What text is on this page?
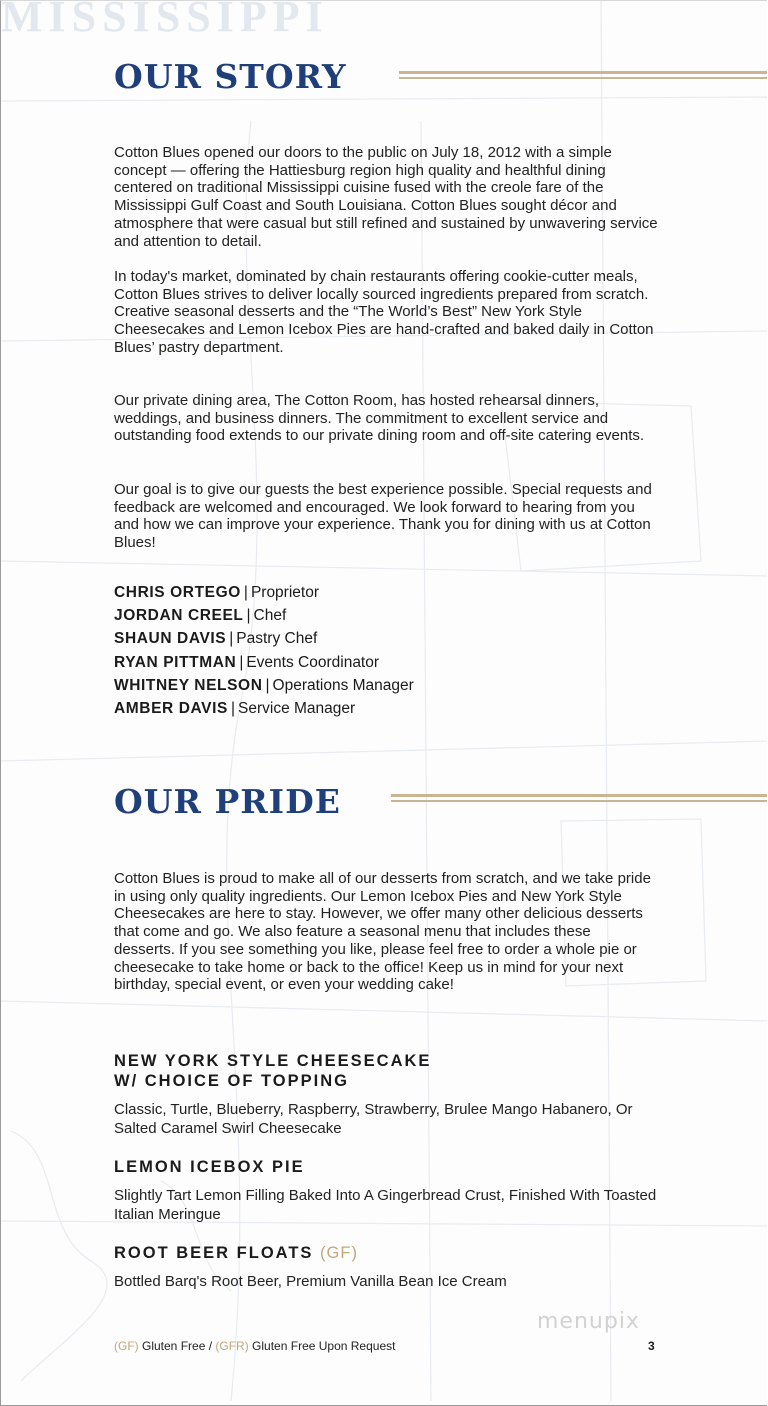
MISSISSIPPI
OUR STORY

Cotton Blues opened our doors to the public on July 18, 2012 with a simple concept — offering the Hattiesburg region high quality and healthful dining centered on traditional Mississippi cuisine fused with the creole fare of the Mississippi Gulf Coast and South Louisiana. Cotton Blues sought décor and atmosphere that were casual but still refined and sustained by unwavering service and attention to detail.

In today's market, dominated by chain restaurants offering cookie-cutter meals, Cotton Blues strives to deliver locally sourced ingredients prepared from scratch. Creative seasonal desserts and the “The World’s Best” New York Style Cheesecakes and Lemon Icebox Pies are hand-crafted and baked daily in Cotton Blues’ pastry department.

Our private dining area, The Cotton Room, has hosted rehearsal dinners, weddings, and business dinners. The commitment to excellent service and outstanding food extends to our private dining room and off-site catering events.

Our goal is to give our guests the best experience possible. Special requests and feedback are welcomed and encouraged. We look forward to hearing from you and how we can improve your experience. Thank you for dining with us at Cotton Blues!

CHRIS ORTEGO | Proprietor
JORDAN CREEL | Chef
SHAUN DAVIS | Pastry Chef
RYAN PITTMAN | Events Coordinator
WHITNEY NELSON | Operations Manager
AMBER DAVIS | Service Manager
OUR PRIDE

Cotton Blues is proud to make all of our desserts from scratch, and we take pride in using only quality ingredients. Our Lemon Icebox Pies and New York Style Cheesecakes are here to stay. However, we offer many other delicious desserts that come and go. We also feature a seasonal menu that includes these desserts. If you see something you like, please feel free to order a whole pie or cheesecake to take home or back to the office! Keep us in mind for your next birthday, special event, or even your wedding cake!

NEW YORK STYLE CHEESECAKE
W/ CHOICE OF TOPPING

Classic, Turtle, Blueberry, Raspberry, Strawberry, Brulee Mango Habanero, Or Salted Caramel Swirl Cheesecake

LEMON ICEBOX PIE

Slightly Tart Lemon Filling Baked Into A Gingerbread Crust, Finished With Toasted Italian Meringue

ROOT BEER FLOATS (GF)

Bottled Barq's Root Beer, Premium Vanilla Bean Ice Cream

menupix
(GF) Gluten Free / (GFR) Gluten Free Upon Request	3
